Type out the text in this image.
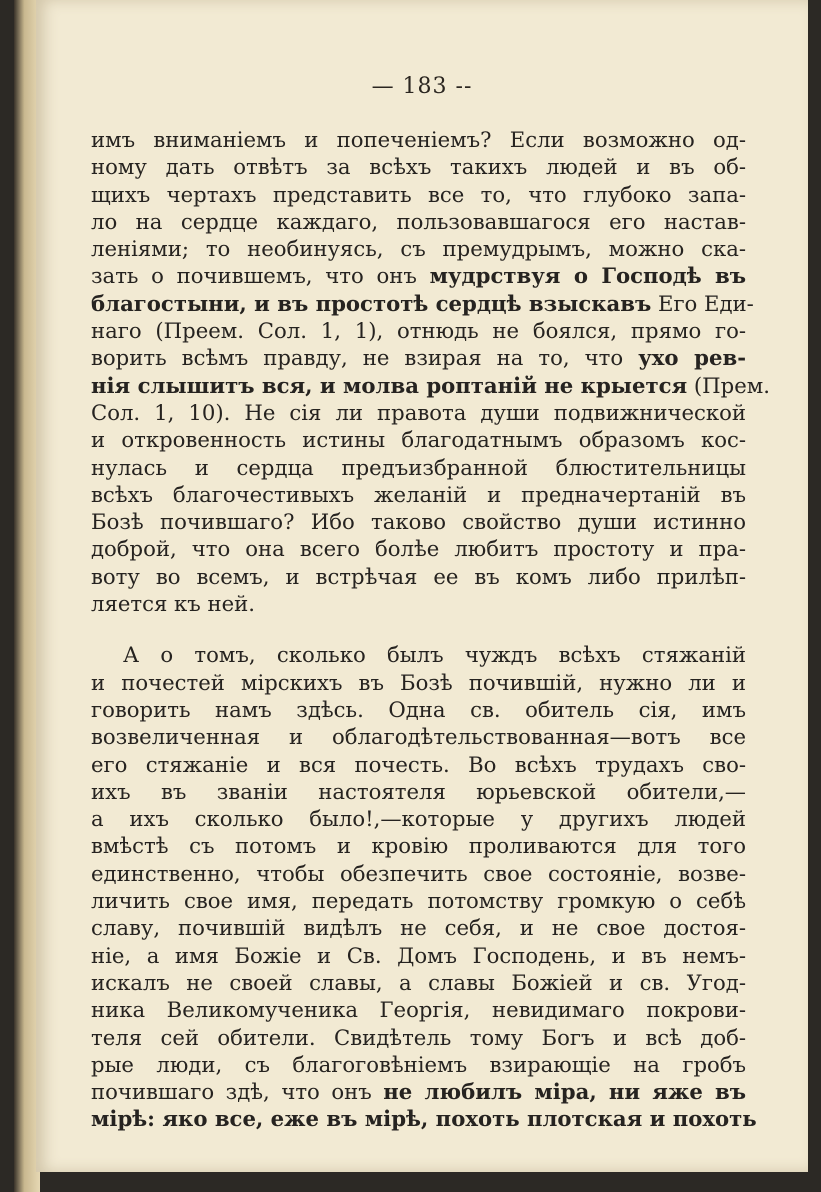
— 183 --
имъ вниманіемъ и попеченіемъ? Если возможно од-
ному дать отвѣтъ за всѣхъ такихъ людей и въ об-
щихъ чертахъ представить все то, что глубоко запа-
ло на сердце каждаго, пользовавшагося его настав-
леніями; то необинуясь, съ премудрымъ, можно ска-
зать о почившемъ, что онъ мудрствуя о Господѣ въ
благостыни, и въ простотѣ сердцѣ взыскавъ Его Еди-
наго (Преем. Сол. 1, 1), отнюдь не боялся, прямо го-
ворить всѣмъ правду, не взирая на то, что ухо рев-
нія слышитъ вся, и молва роптаній не крыется (Прем.
Сол. 1, 10). Не сія ли правота души подвижнической
и откровенность истины благодатнымъ образомъ кос-
нулась и сердца предъизбранной блюстительницы
всѣхъ благочестивыхъ желаній и предначертаній въ
Бозѣ почившаго? Ибо таково свойство души истинно
доброй, что она всего болѣе любитъ простоту и пра-
воту во всемъ, и встрѣчая ее въ комъ либо прилѣп-
ляется къ ней.
А о томъ, сколько былъ чуждъ всѣхъ стяжаній
и почестей мірскихъ въ Бозѣ почившій, нужно ли и
говорить намъ здѣсь. Одна св. обитель сія, имъ
возвеличенная и облагодѣтельствованная—вотъ все
его стяжаніе и вся почесть. Во всѣхъ трудахъ сво-
ихъ въ званіи настоятеля юрьевской обители,—
а ихъ сколько было!,—которые у другихъ людей
вмѣстѣ съ потомъ и кровію проливаются для того
единственно, чтобы обезпечить свое состояніе, возве-
личить свое имя, передать потомству громкую о себѣ
славу, почившій видѣлъ не себя, и не свое достоя-
ніе, а имя Божіе и Св. Домъ Господень, и въ немъ-
искалъ не своей славы, а славы Божіей и св. Угод-
ника Великомученика Георгія, невидимаго покрови-
теля сей обители. Свидѣтель тому Богъ и всѣ доб-
рые люди, съ благоговѣніемъ взирающіе на гробъ
почившаго здѣ, что онъ не любилъ міра, ни яже въ
мірѣ: яко все, еже въ мірѣ, похоть плотская и похоть
